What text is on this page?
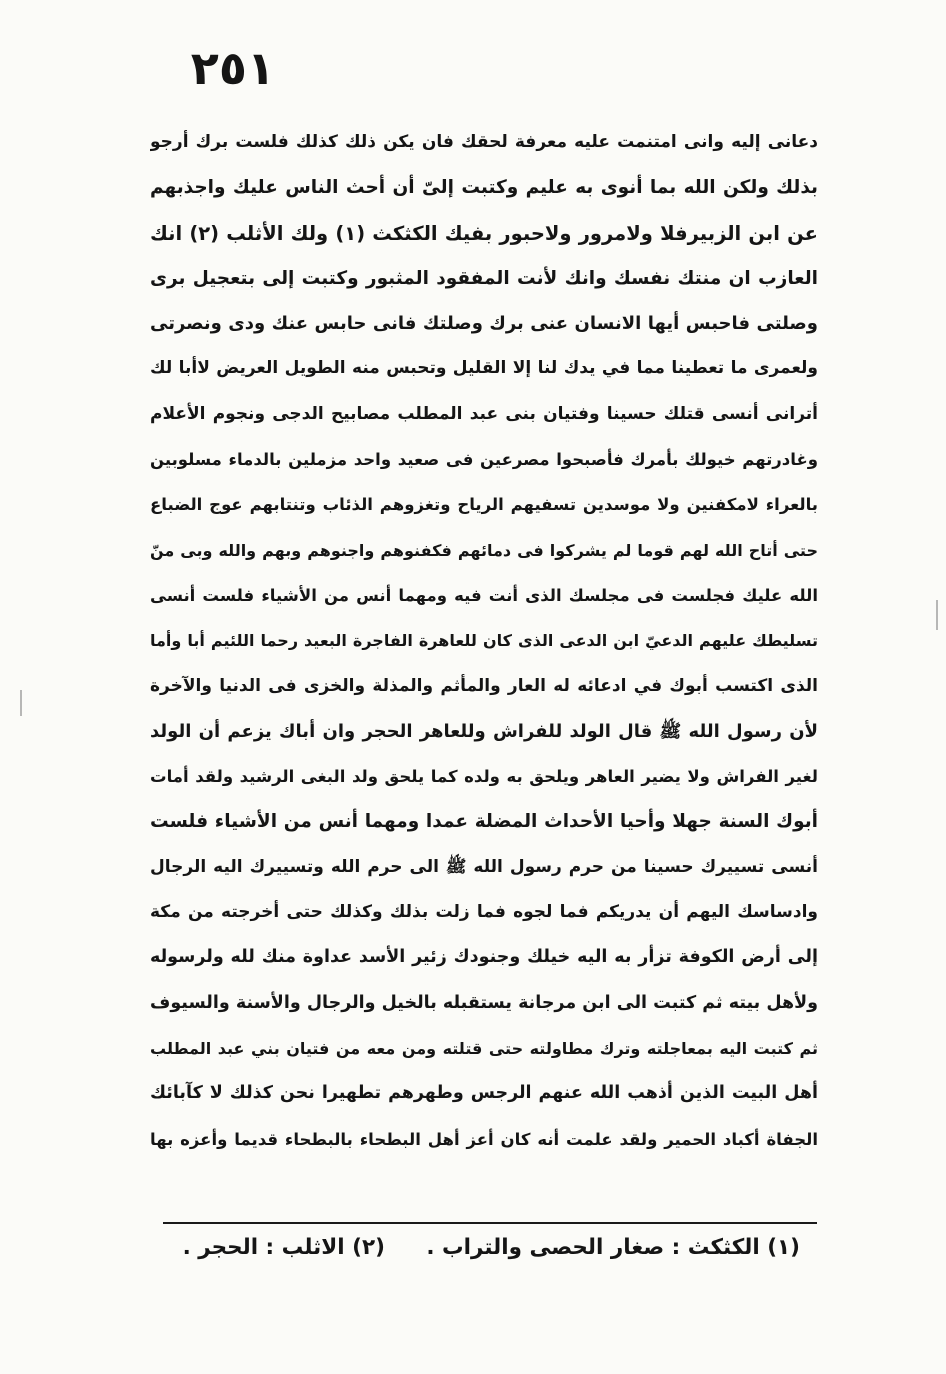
٢٥١
دعانى إليه وانى امتنمت عليه معرفة لحقك فان يكن ذلك كذلك فلست برك أرجو
بذلك ولكن الله بما أنوى به عليم وكتبت إلىّ أن أحث الناس عليك واجذبهم
عن ابن الزبيرفلا ولامرور ولاحبور بفيك الكثكث (١) ولك الأثلب (٢) انك
العازب ان منتك نفسك وانك لأنت المفقود المثبور وكتبت إلى بتعجيل برى
وصلتى فاحبس أيها الانسان عنى برك وصلتك فانى حابس عنك ودى ونصرتى
ولعمرى ما تعطينا مما في يدك لنا إلا القليل وتحبس منه الطويل العريض لاأبا لك
أترانى أنسى قتلك حسينا وفتيان بنى عبد المطلب مصابيح الدجى ونجوم الأعلام
وغادرتهم خيولك بأمرك فأصبحوا مصرعين فى صعيد واحد مزملين بالدماء مسلوبين
بالعراء لامكفنين ولا موسدين تسفيهم الرياح وتغزوهم الذئاب وتنتابهم عوج الضباع
حتى أتاح الله لهم قوما لم يشركوا فى دمائهم فكفنوهم واجنوهم وبهم والله وبى منّ
الله عليك فجلست فى مجلسك الذى أنت فيه ومهما أنس من الأشياء فلست أنسى
تسليطك عليهم الدعيّ ابن الدعى الذى كان للعاهرة الفاجرة البعيد رحما اللئيم أبا وأما
الذى اكتسب أبوك في ادعائه له العار والمأثم والمذلة والخزى فى الدنيا والآخرة
لأن رسول الله ﷺ قال الولد للفراش وللعاهر الحجر وان أباك يزعم أن الولد
لغير الفراش ولا يضير العاهر ويلحق به ولده كما يلحق ولد البغى الرشيد ولقد أمات
أبوك السنة جهلا وأحيا الأحداث المضلة عمدا ومهما أنس من الأشياء فلست
أنسى تسييرك حسينا من حرم رسول الله ﷺ الى حرم الله وتسييرك اليه الرجال
وادساسك اليهم أن يدريكم فما لجوه فما زلت بذلك وكذلك حتى أخرجته من مكة
إلى أرض الكوفة تزأر به اليه خيلك وجنودك زئير الأسد عداوة منك لله ولرسوله
ولأهل بيته ثم كتبت الى ابن مرجانة يستقبله بالخيل والرجال والأسنة والسيوف
ثم كتبت اليه بمعاجلته وترك مطاولته حتى قتلته ومن معه من فتيان بني عبد المطلب
أهل البيت الذين أذهب الله عنهم الرجس وطهرهم تطهيرا نحن كذلك لا كآبائك
الجفاة أكباد الحمير ولقد علمت أنه كان أعز أهل البطحاء بالبطحاء قديما وأعزه بها
(١) الكثكث : صغار الحصى والتراب . (٢) الاثلب : الحجر .
